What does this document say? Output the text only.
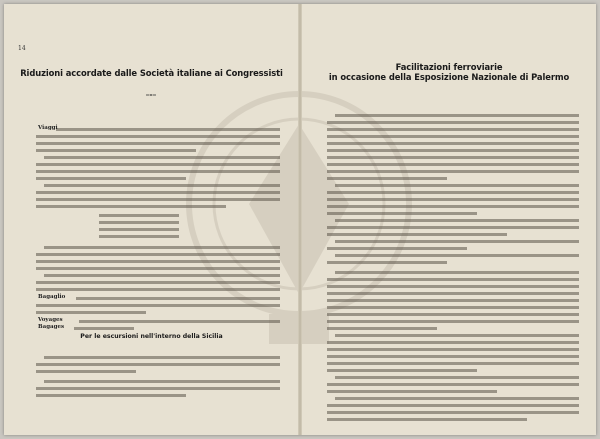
14
Riduzioni accordate dalle Società italiane ai Congressisti
Viaggi
Bagaglio
Voyages
Bagages
Per le escursioni nell'interno della Sicilia
Facilitazioni ferroviarie
in occasione della Esposizione Nazionale di Palermo
